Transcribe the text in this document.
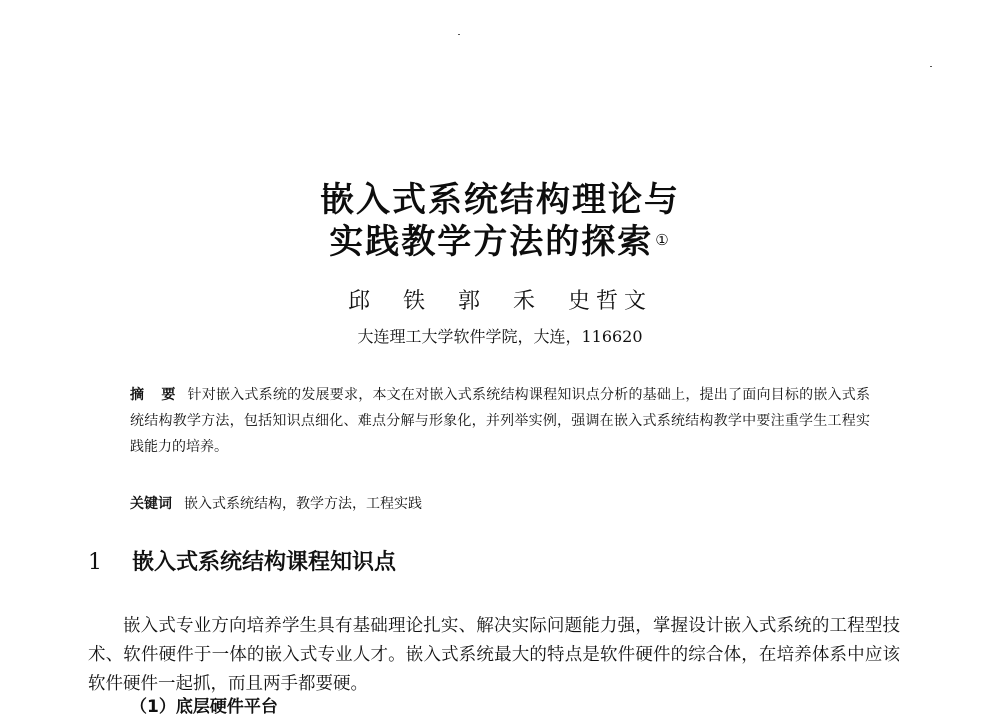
嵌入式系统结构理论与
实践教学方法的探索 ①
邱 铁 郭 禾 史哲文
大连理工大学软件学院，大连，116620
摘 要 针对嵌入式系统的发展要求，本文在对嵌入式系统结构课程知识点分析的基础上，提出了面向目标的嵌入式系统结构教学方法，包括知识点细化、难点分解与形象化，并列举实例，强调在嵌入式系统结构教学中要注重学生工程实践能力的培养。
关键词 嵌入式系统结构，教学方法，工程实践
1 嵌入式系统结构课程知识点
嵌入式专业方向培养学生具有基础理论扎实、解决实际问题能力强，掌握设计嵌入式系统的工程型技术、软件硬件于一体的嵌入式专业人才。嵌入式系统最大的特点是软件硬件的综合体，在培养体系中应该软件硬件一起抓，而且两手都要硬。
（1）底层硬件平台
